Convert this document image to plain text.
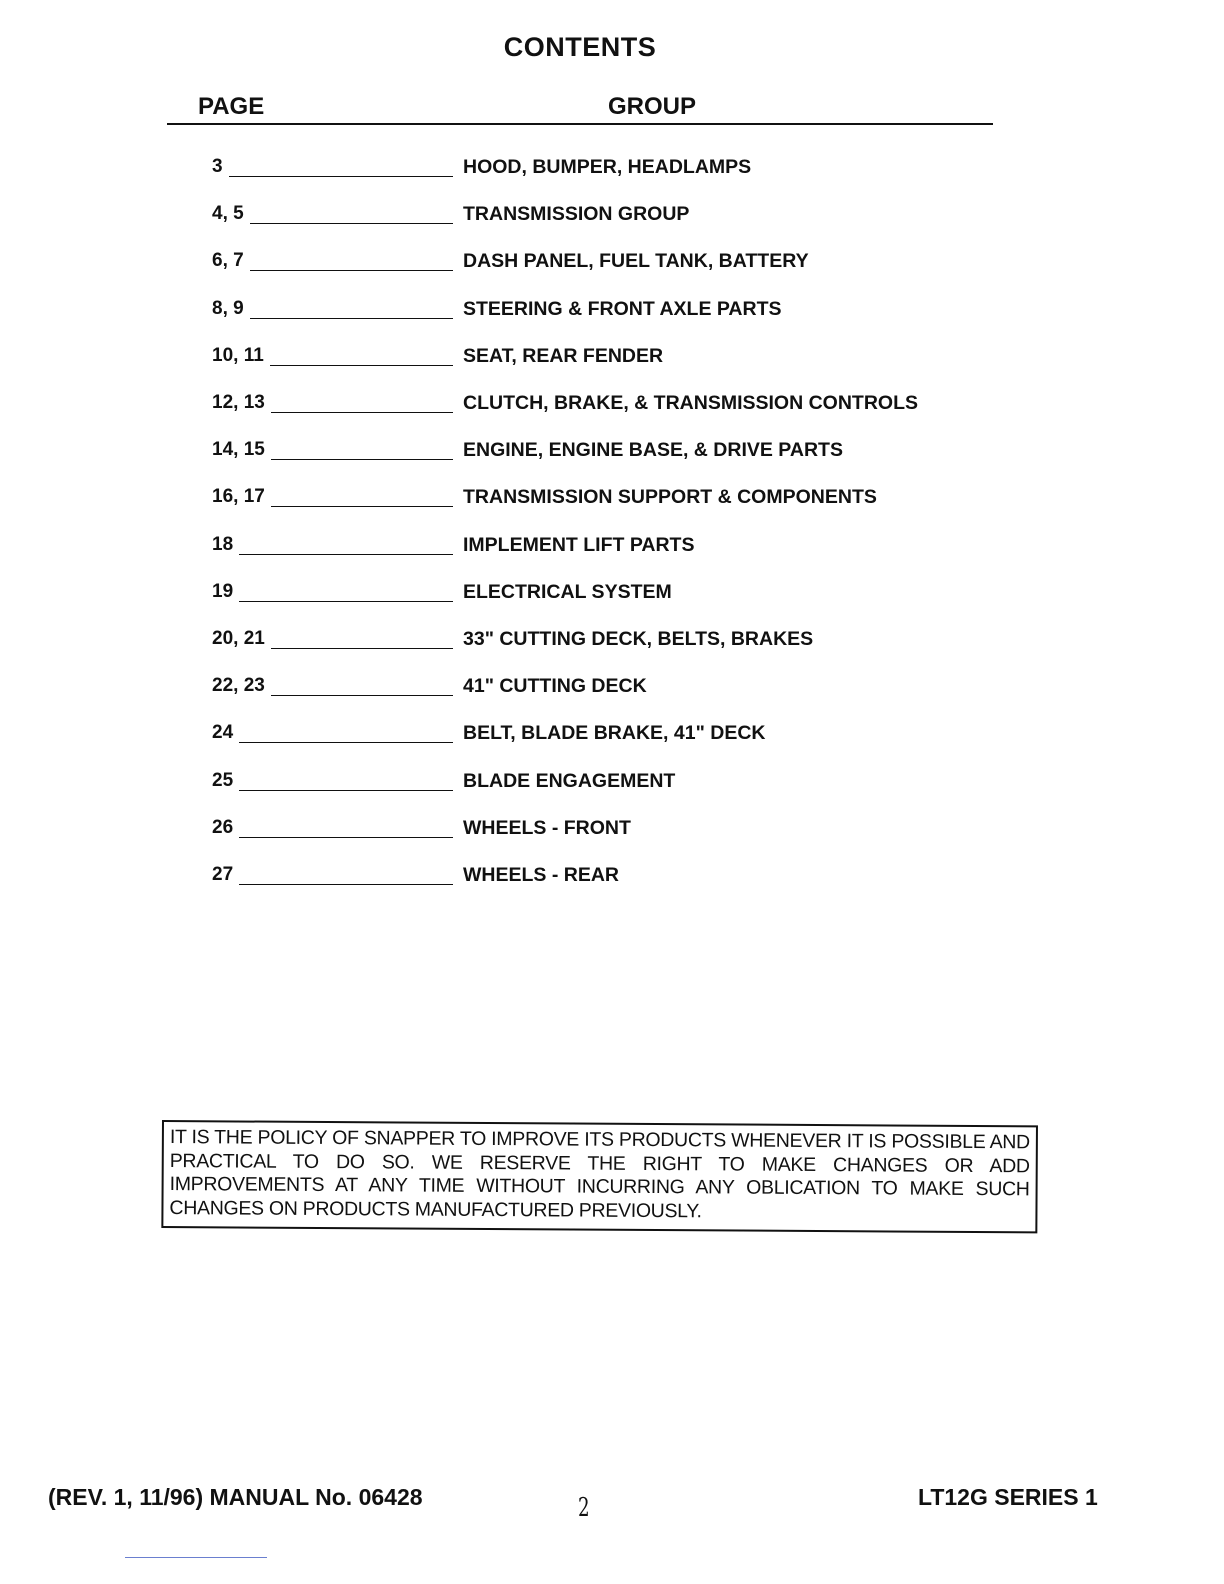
CONTENTS
PAGE	GROUP
3	HOOD, BUMPER, HEADLAMPS
4, 5	TRANSMISSION GROUP
6, 7	DASH PANEL, FUEL TANK, BATTERY
8, 9	STEERING & FRONT AXLE PARTS
10, 11	SEAT, REAR FENDER
12, 13	CLUTCH, BRAKE, & TRANSMISSION CONTROLS
14, 15	ENGINE, ENGINE BASE, & DRIVE PARTS
16, 17	TRANSMISSION SUPPORT & COMPONENTS
18	IMPLEMENT LIFT PARTS
19	ELECTRICAL SYSTEM
20, 21	33" CUTTING DECK, BELTS, BRAKES
22, 23	41" CUTTING DECK
24	BELT, BLADE BRAKE, 41" DECK
25	BLADE ENGAGEMENT
26	WHEELS - FRONT
27	WHEELS - REAR
IT IS THE POLICY OF SNAPPER TO IMPROVE ITS PRODUCTS WHENEVER IT IS POSSIBLE AND PRACTICAL TO DO SO. WE RESERVE THE RIGHT TO MAKE CHANGES OR ADD IMPROVEMENTS AT ANY TIME WITHOUT INCURRING ANY OBLICATION TO MAKE SUCH CHANGES ON PRODUCTS MANUFACTURED PREVIOUSLY.
(REV. 1, 11/96) MANUAL No. 06428	2	LT12G SERIES 1
